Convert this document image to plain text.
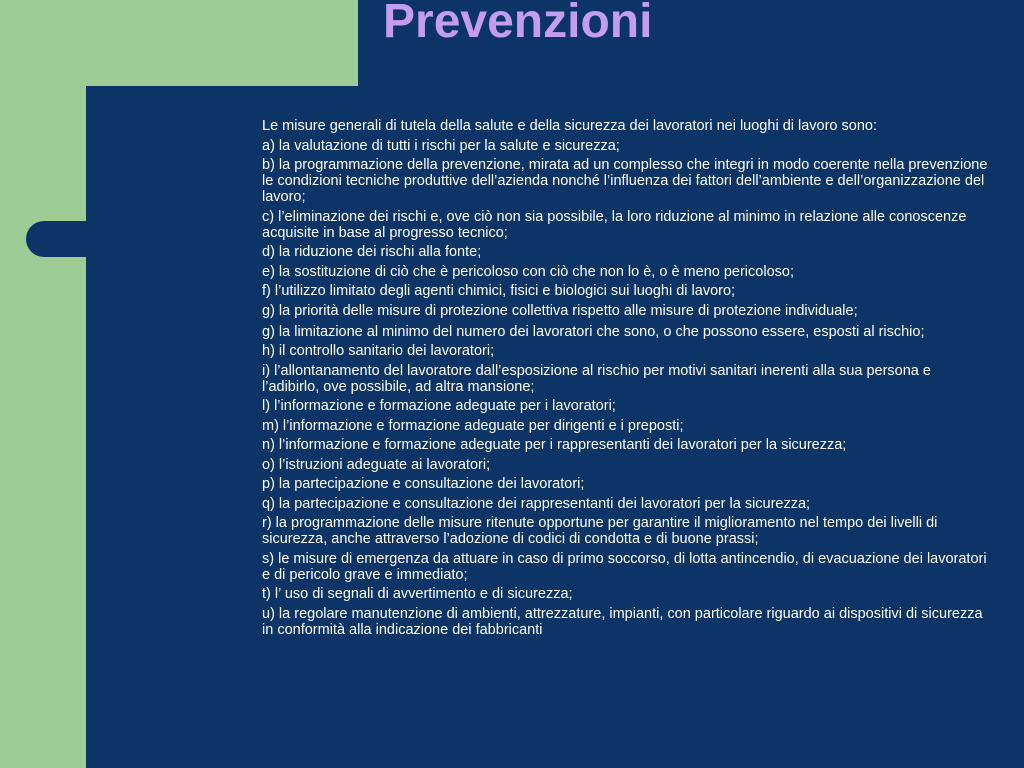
Prevenzioni

Le misure generali di tutela della salute e della sicurezza dei lavoratori nei luoghi di lavoro sono:

a) la valutazione di tutti i rischi per la salute e sicurezza;

b) la programmazione della prevenzione, mirata ad un complesso che integri in modo coerente nella prevenzione le condizioni tecniche produttive dell’azienda nonché l’influenza dei fattori dell’ambiente e dell’organizzazione del lavoro;

c) l’eliminazione dei rischi e, ove ciò non sia possibile, la loro riduzione al minimo in relazione alle conoscenze acquisite in base al progresso tecnico;

d) la riduzione dei rischi alla fonte;

e) la sostituzione di ciò che è pericoloso con ciò che non lo è, o è meno pericoloso;

f) l’utilizzo limitato degli agenti chimici, fisici e biologici sui luoghi di lavoro;

g) la priorità delle misure di protezione collettiva rispetto alle misure di protezione individuale;

g) la limitazione al minimo del numero dei lavoratori che sono, o che possono essere, esposti al rischio;

h) il controllo sanitario dei lavoratori;

i) l’allontanamento del lavoratore dall’esposizione al rischio per motivi sanitari inerenti alla sua persona e l’adibirlo, ove possibile, ad altra mansione;

l) l’informazione e formazione adeguate per i lavoratori;

m) l’informazione e formazione adeguate per dirigenti e i preposti;

n) l’informazione e formazione adeguate per i rappresentanti dei lavoratori per la sicurezza;

o) l’istruzioni adeguate ai lavoratori;

p) la partecipazione e consultazione dei lavoratori;

q) la partecipazione e consultazione dei rappresentanti dei lavoratori per la sicurezza;

r) la programmazione delle misure ritenute opportune per garantire il miglioramento nel tempo dei livelli di sicurezza, anche attraverso l’adozione di codici di condotta e di buone prassi;

s) le misure di emergenza da attuare in caso di primo soccorso, di lotta antincendio, di evacuazione dei lavoratori e di pericolo grave e immediato;

t) l’ uso di segnali di avvertimento e di sicurezza;

u) la regolare manutenzione di ambienti, attrezzature, impianti, con particolare riguardo ai dispositivi di sicurezza in conformità alla indicazione dei fabbricanti
